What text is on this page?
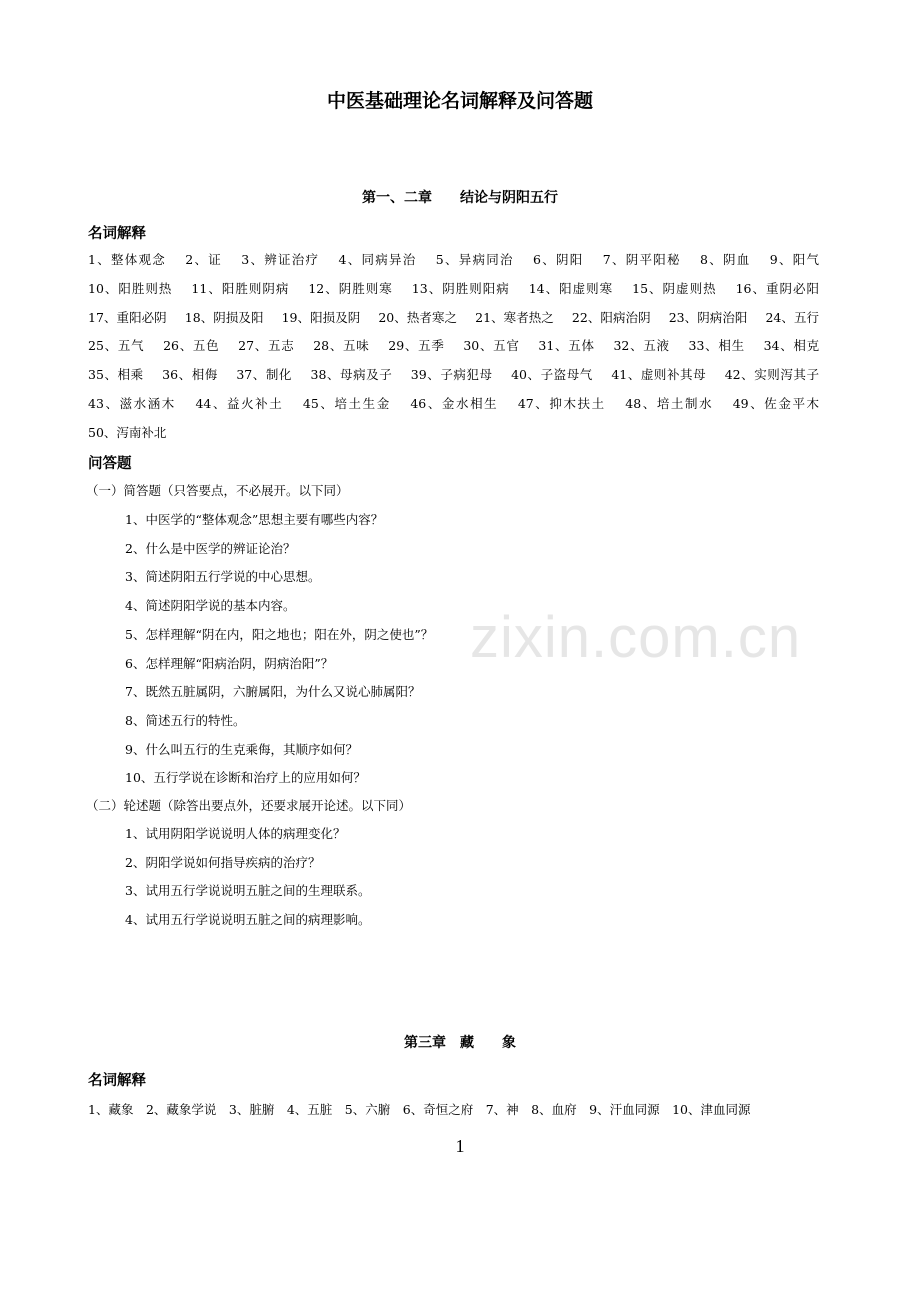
中医基础理论名词解释及问答题
第一、二章　　结论与阴阳五行
名词解释
1、整体观念 2、证 3、辨证治疗 4、同病异治 5、异病同治 6、阴阳 7、阴平阳秘 8、阴血 9、阳气 10、阳胜则热 11、阳胜则阴病 12、阴胜则寒 13、阴胜则阳病 14、阳虚则寒 15、阴虚则热 16、重阴必阳 17、重阳必阴 18、阴损及阳 19、阳损及阴 20、热者寒之 21、寒者热之 22、阳病治阴 23、阴病治阳 24、五行 25、五气 26、五色 27、五志 28、五味 29、五季 30、五官 31、五体 32、五液 33、相生 34、相克 35、相乘 36、相侮 37、制化 38、母病及子 39、子病犯母 40、子盗母气 41、虚则补其母 42、实则泻其子 43、滋水涵木 44、益火补土 45、培土生金 46、金水相生 47、抑木扶土 48、培土制水 49、佐金平木 50、泻南补北
问答题
（一）简答题（只答要点，不必展开。以下同）
1、中医学的“整体观念”思想主要有哪些内容？
2、什么是中医学的辨证论治？
3、简述阴阳五行学说的中心思想。
4、简述阴阳学说的基本内容。
5、怎样理解“阴在内，阳之地也；阳在外，阴之使也”？
6、怎样理解“阳病治阴，阴病治阳”？
7、既然五脏属阴，六腑属阳，为什么又说心肺属阳？
8、简述五行的特性。
9、什么叫五行的生克乘侮，其顺序如何？
10、五行学说在诊断和治疗上的应用如何？
（二）轮述题（除答出要点外，还要求展开论述。以下同）
1、试用阴阳学说说明人体的病理变化？
2、阴阳学说如何指导疾病的治疗？
3、试用五行学说说明五脏之间的生理联系。
4、试用五行学说说明五脏之间的病理影响。
第三章　藏　　象
名词解释
1、藏象　2、藏象学说　3、脏腑　4、五脏　5、六腑　6、奇恒之府　7、神　8、血府　9、汗血同源　10、津血同源
1
zixin.com.cn
